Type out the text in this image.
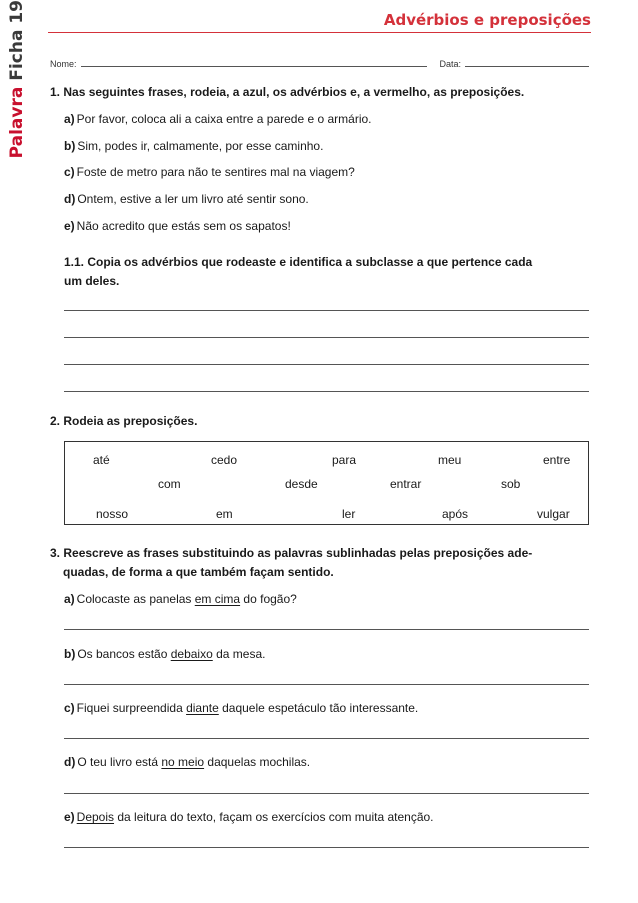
Palavra
Ficha 19	Advérbios e preposições
Nome:	Data:
1. Nas seguintes frases, rodeia, a azul, os advérbios e, a vermelho, as preposições.
a) Por favor, coloca ali a caixa entre a parede e o armário.
b) Sim, podes ir, calmamente, por esse caminho.
c) Foste de metro para não te sentires mal na viagem?
d) Ontem, estive a ler um livro até sentir sono.
e) Não acredito que estás sem os sapatos!
1.1. Copia os advérbios que rodeaste e identifica a subclasse a que pertence cada
um deles.
2. Rodeia as preposições.
até	cedo	para	meu	entre
com	desde	entrar	sob
nosso	em	ler	após	vulgar
3. Reescreve as frases substituindo as palavras sublinhadas pelas preposições ade-
quadas, de forma a que também façam sentido.
a) Colocaste as panelas em cima do fogão?
b) Os bancos estão debaixo da mesa.
c) Fiquei surpreendida diante daquele espetáculo tão interessante.
d) O teu livro está no meio daquelas mochilas.
e) Depois da leitura do texto, façam os exercícios com muita atenção.
